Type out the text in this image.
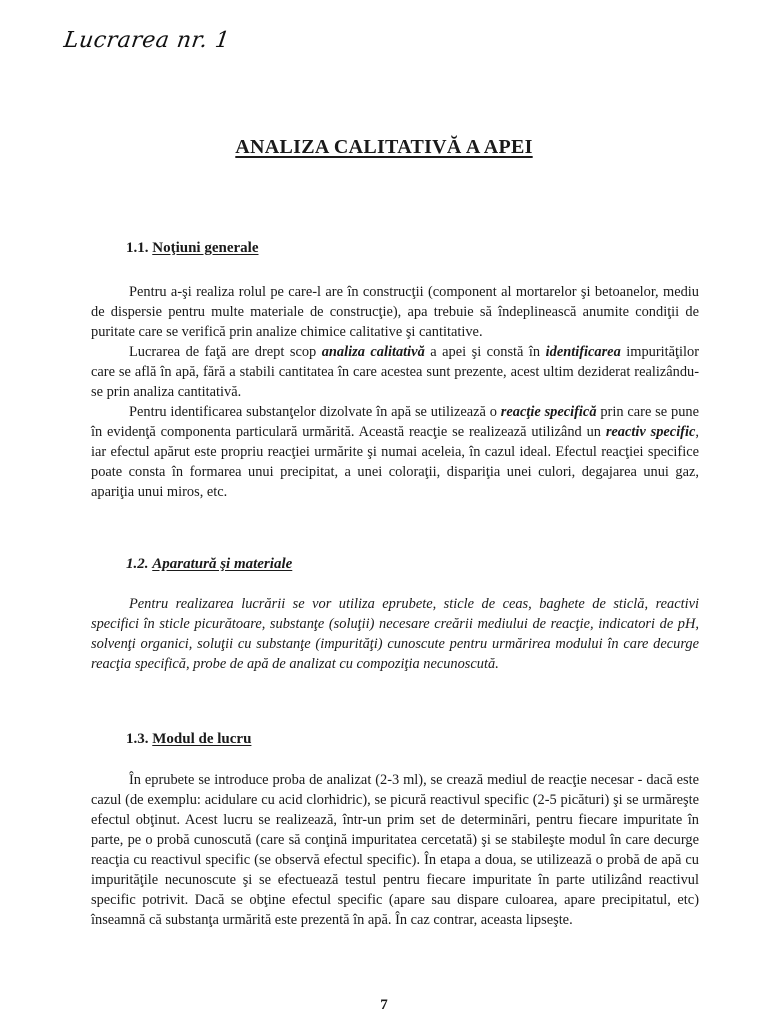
Lucrarea nr. 1
ANALIZA CALITATIVĂ A APEI
1.1. Noţiuni generale

Pentru a-şi realiza rolul pe care-l are în construcţii (component al mortarelor şi betoanelor, mediu de dispersie pentru multe materiale de construcţie), apa trebuie să îndeplinească anumite condiţii de puritate care se verifică prin analize chimice calitative şi cantitative.

Lucrarea de faţă are drept scop analiza calitativă a apei şi constă în identificarea impurităţilor care se află în apă, fără a stabili cantitatea în care acestea sunt prezente, acest ultim deziderat realizându-se prin analiza cantitativă.

Pentru identificarea substanţelor dizolvate în apă se utilizează o reacţie specifică prin care se pune în evidenţă componenta particulară urmărită. Această reacţie se realizează utilizând un reactiv specific, iar efectul apărut este propriu reacţiei urmărite şi numai aceleia, în cazul ideal. Efectul reacţiei specifice poate consta în formarea unui precipitat, a unei coloraţii, dispariţia unei culori, degajarea unui gaz, apariţia unui miros, etc.

1.2. Aparatură şi materiale

Pentru realizarea lucrării se vor utiliza eprubete, sticle de ceas, baghete de sticlă, reactivi specifici în sticle picurătoare, substanţe (soluţii) necesare creării mediului de reacţie, indicatori de pH, solvenţi organici, soluţii cu substanţe (impurităţi) cunoscute pentru urmărirea modului în care decurge reacţia specifică, probe de apă de analizat cu compoziţia necunoscută.

1.3. Modul de lucru

În eprubete se introduce proba de analizat (2-3 ml), se crează mediul de reacţie necesar - dacă este cazul (de exemplu: acidulare cu acid clorhidric), se picură reactivul specific (2-5 picături) şi se urmăreşte efectul obţinut. Acest lucru se realizează, într-un prim set de determinări, pentru fiecare impuritate în parte, pe o probă cunoscută (care să conţină impuritatea cercetată) şi se stabileşte modul în care decurge reacţia cu reactivul specific (se observă efectul specific). În etapa a doua, se utilizează o probă de apă cu impurităţile necunoscute şi se efectuează testul pentru fiecare impuritate în parte utilizând reactivul specific potrivit. Dacă se obţine efectul specific (apare sau dispare culoarea, apare precipitatul, etc) înseamnă că substanţa urmărită este prezentă în apă. În caz contrar, aceasta lipseşte.

7
